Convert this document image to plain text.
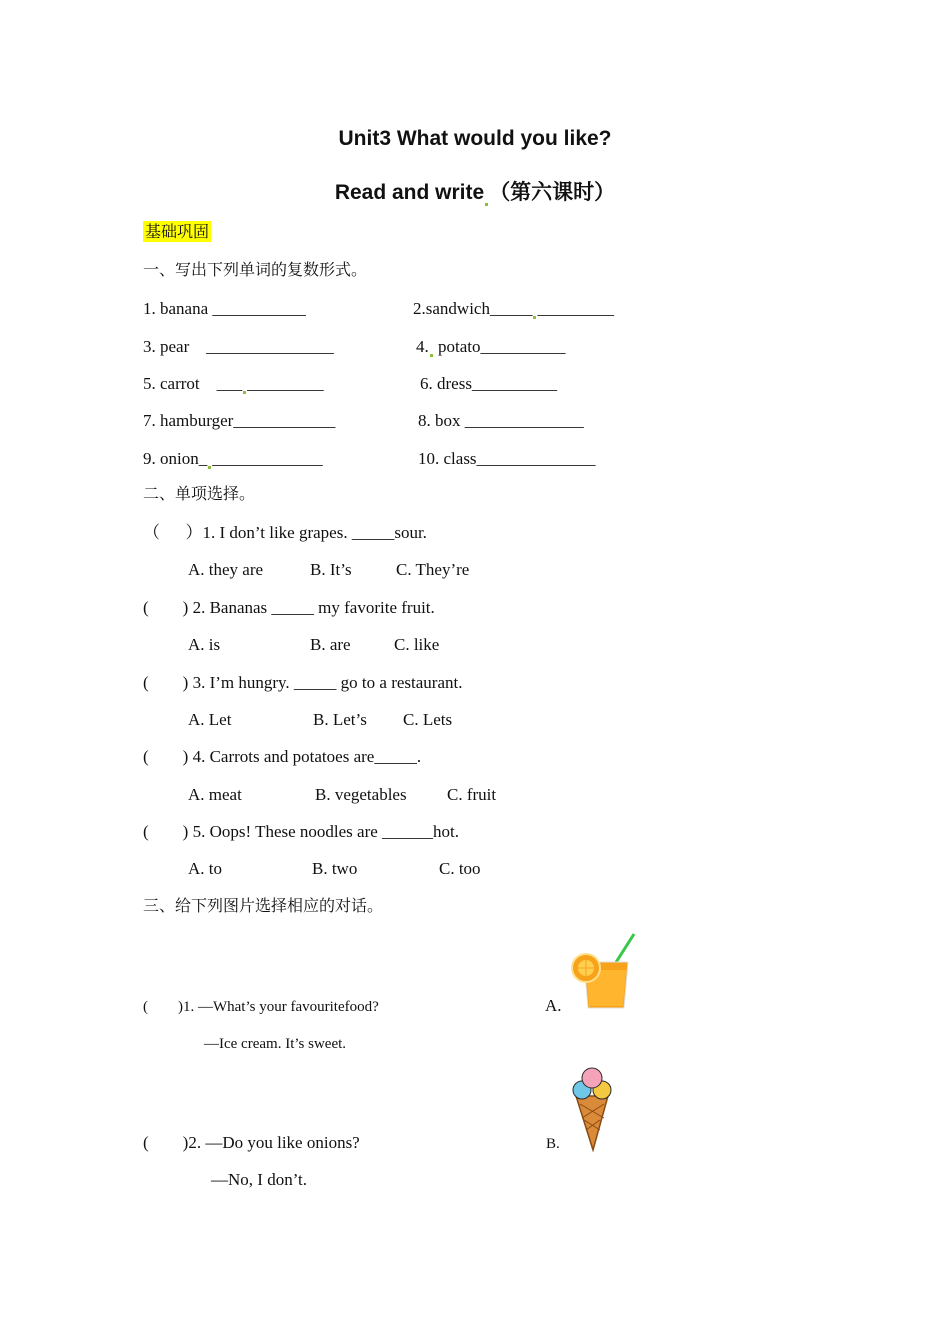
Unit3 What would you like?
Read and write （第六课时）
基础巩固
一、写出下列单词的复数形式。
1. banana ___________	2.sandwich_____ _________
3. pear    _______________	4. potato__________
5. carrot    ___ _________	6. dress__________
7. hamburger____________	8. box ______________
9. onion_ _____________	10. class______________
二、单项选择。
（      ）1. I don’t like grapes. _____sour.
A. they are	B. It’s	C. They’re
(        ) 2. Bananas _____ my favorite fruit.
A. is	B. are	C. like
(        ) 3. I’m hungry. _____ go to a restaurant.
A. Let	B. Let’s C. Lets
(        ) 4. Carrots and potatoes are_____.
A. meat	B. vegetables C. fruit
(        ) 5. Oops! These noodles are ______hot.
A. to	B. two	C. too
三、给下列图片选择相应的对话。
(        )1. —What’s your favouritefood?
—Ice cream. It’s sweet.
A.
(        )2. —Do you like onions?
—No, I don’t.
B.
